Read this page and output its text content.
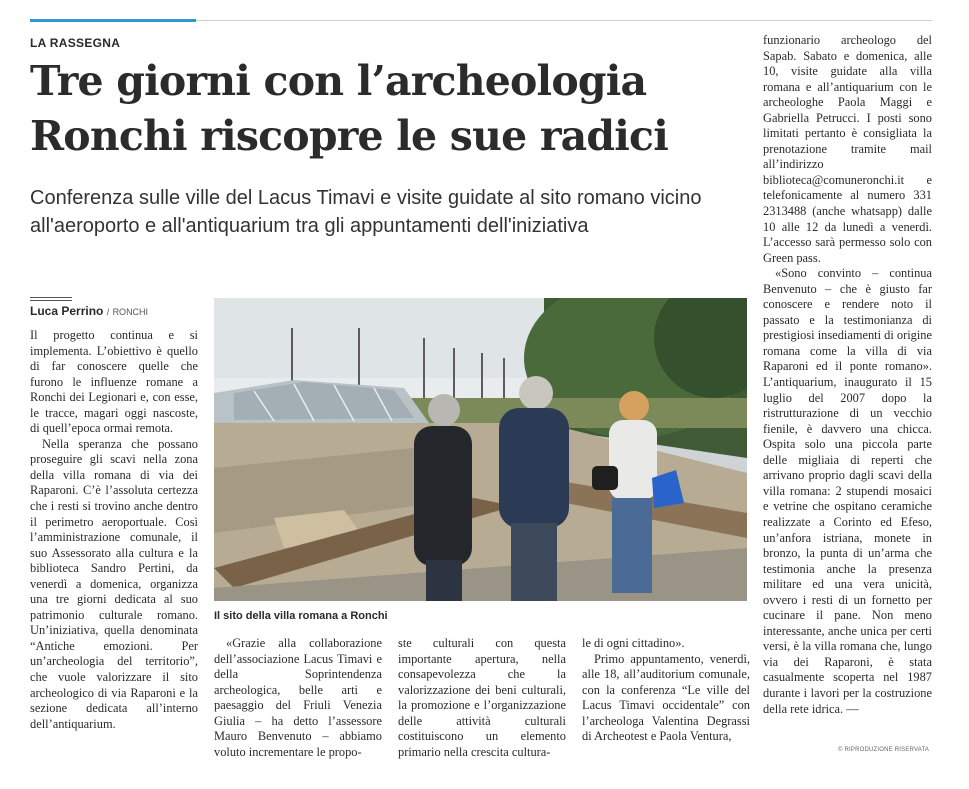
LA RASSEGNA
Tre giorni con l’archeologia
Ronchi riscopre le sue radici

Conferenza sulle ville del Lacus Timavi e visite guidate al sito romano vicino all'aeroporto e all'antiquarium tra gli appuntamenti dell'iniziativa

Luca Perrino / RONCHI

Il progetto continua e si implementa. L’obiettivo è quello di far conoscere quelle che furono le influenze romane a Ronchi dei Legionari e, con esse, le tracce, magari oggi nascoste, di quell’epoca ormai remota.

Nella speranza che possano proseguire gli scavi nella zona della villa romana di via dei Raparoni. C’è l’assoluta certezza che i resti si trovino anche dentro il perimetro aeroportuale. Così l’amministrazione comunale, il suo Assessorato alla cultura e la biblioteca Sandro Pertini, da venerdì a domenica, organizza una tre giorni dedicata al suo patrimonio culturale romano. Un’iniziativa, quella denominata “Antiche emozioni. Per un’archeologia del territorio”, che vuole valorizzare il sito archeologico di via Raparoni e la sezione dedicata all’interno dell’antiquarium.

Il sito della villa romana a Ronchi

«Grazie alla collaborazione dell’associazione Lacus Timavi e della Soprintendenza archeologica, belle arti e paesaggio del Friuli Venezia Giulia – ha detto l’assessore Mauro Benvenuto – abbiamo voluto incrementare le propo-

ste culturali con questa importante apertura, nella consapevolezza che la valorizzazione dei beni culturali, la promozione e l’organizzazione delle attività culturali costituiscono un elemento primario nella crescita cultura-

le di ogni cittadino».

Primo appuntamento, venerdì, alle 18, all’auditorium comunale, con la conferenza “Le ville del Lacus Timavi occidentale” con l’archeologa Valentina Degrassi di Archeotest e Paola Ventura,

funzionario archeologo del Sapab. Sabato e domenica, alle 10, visite guidate alla villa romana e all’antiquarium con le archeologhe Paola Maggi e Gabriella Petrucci. I posti sono limitati pertanto è consigliata la prenotazione tramite mail all’indirizzo biblioteca@comuneronchi.it e telefonicamente al numero 331 2313488 (anche whatsapp) dalle 10 alle 12 da lunedì a venerdì. L’accesso sarà permesso solo con Green pass.

«Sono convinto – continua Benvenuto – che è giusto far conoscere e rendere noto il passato e la testimonianza di prestigiosi insediamenti di origine romana come la villa di via Raparoni ed il ponte romano». L’antiquarium, inaugurato il 15 luglio del 2007 dopo la ristrutturazione di un vecchio fienile, è davvero una chicca. Ospita solo una piccola parte delle migliaia di reperti che arrivano proprio dagli scavi della villa romana: 2 stupendi mosaici e vetrine che ospitano ceramiche realizzate a Corinto ed Efeso, un’anfora istriana, monete in bronzo, la punta di un’arma che testimonia anche la presenza militare ed una vera unicità, ovvero i resti di un fornetto per cucinare il pane. Non meno interessante, anche unica per certi versi, è la villa romana che, lungo via dei Raparoni, è stata casualmente scoperta nel 1987 durante i lavori per la costruzione della rete idrica. —

© RIPRODUZIONE RISERVATA
